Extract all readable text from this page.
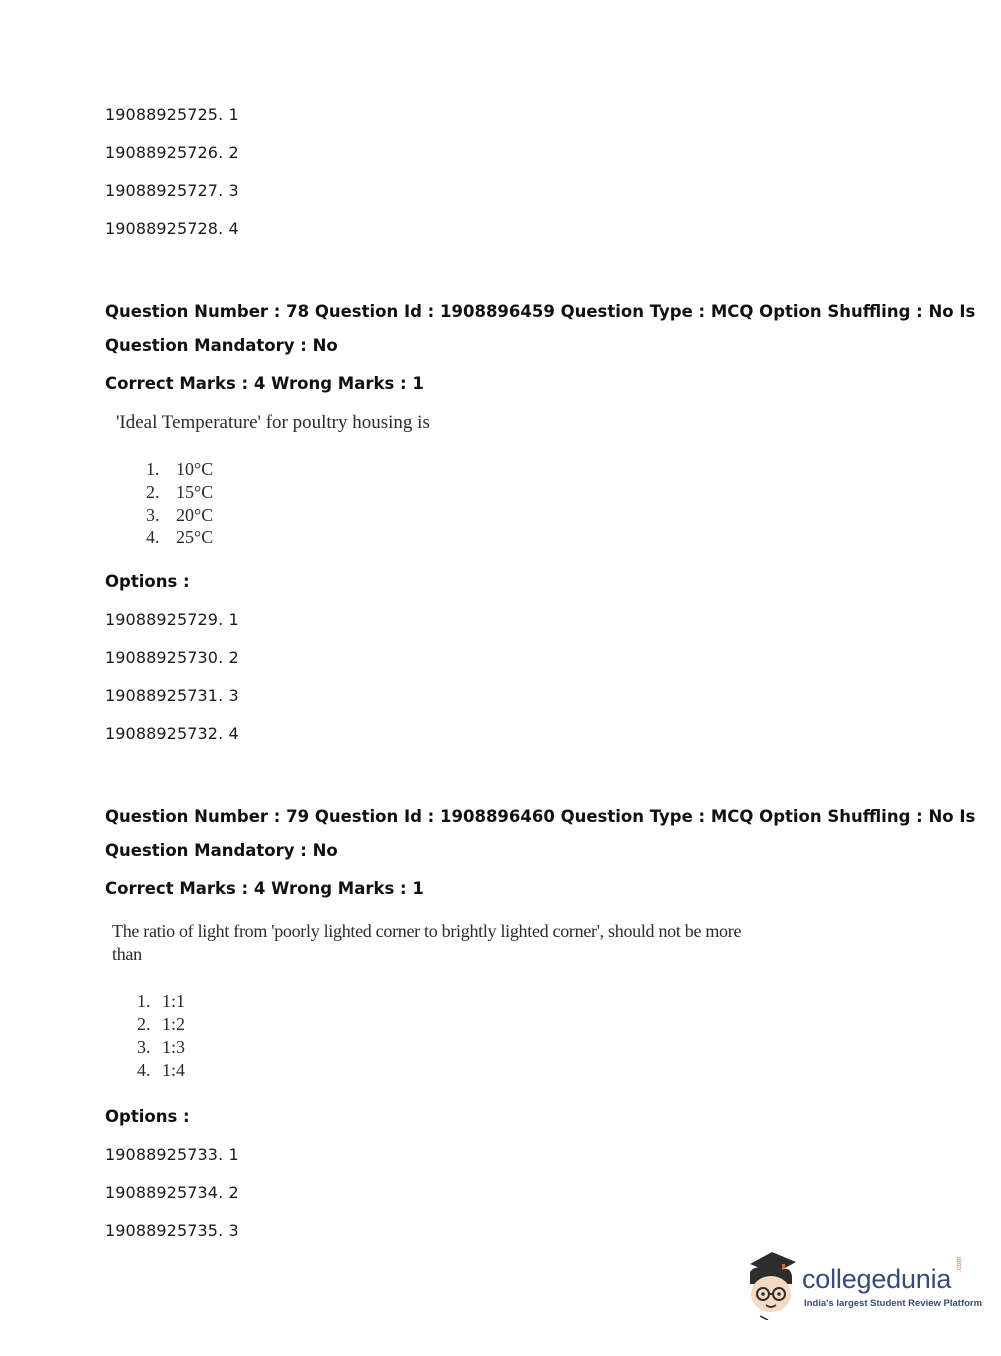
19088925725. 1
19088925726. 2
19088925727. 3
19088925728. 4
Question Number : 78 Question Id : 1908896459 Question Type : MCQ Option Shuffling : No Is
Question Mandatory : No
Correct Marks : 4 Wrong Marks : 1
'Ideal Temperature' for poultry housing is
1. 10°C
2. 15°C
3. 20°C
4. 25°C
Options :
19088925729. 1
19088925730. 2
19088925731. 3
19088925732. 4
Question Number : 79 Question Id : 1908896460 Question Type : MCQ Option Shuffling : No Is
Question Mandatory : No
Correct Marks : 4 Wrong Marks : 1
The ratio of light from 'poorly lighted corner to brightly lighted corner', should not be more
than
1. 1:1
2. 1:2
3. 1:3
4. 1:4
Options :
19088925733. 1
19088925734. 2
19088925735. 3
collegedunia .com
India's largest Student Review Platform
